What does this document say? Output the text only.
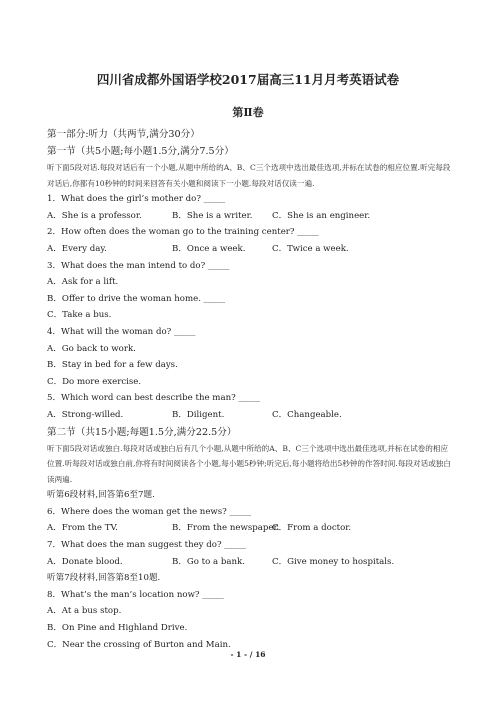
四川省成都外国语学校2017届高三11月月考英语试卷
第Ⅱ卷
第一部分:听力（共两节,满分30分）
第一节（共5小题;每小题1.5分,满分7.5分）
听下面5段对话.每段对话后有一个小题,从题中所给的A、B、C三个选项中选出最佳选项,并标在试卷的相应位置.听完每段对话后,你都有10秒钟的时间来回答有关小题和阅读下一小题.每段对话仅读一遍.
1．What does the girl’s mother do? _____
A．She is a professor.	B．She is a writer. C．She is an engineer.
2．How often does the woman go to the training center? _____
A．Every day.	B．Once a week.	C．Twice a week.
3．What does the man intend to do? _____
A．Ask for a lift.
B．Offer to drive the woman home. _____
C．Take a bus.
4．What will the woman do? _____
A．Go back to work.
B．Stay in bed for a few days.
C．Do more exercise.
5．Which word can best describe the man? _____
A．Strong-willed.	B．Diligent.	C．Changeable.
第二节（共15小题;每题1.5分,满分22.5分）
听下面5段对话或独白.每段对话或独白后有几个小题,从题中所给的A、B、C三个选项中选出最佳选项,并标在试卷的相应位置.听每段对话或独白前,你将有时间阅读各个小题,每小题5秒钟;听完后,每小题将给出5秒钟的作答时间.每段对话或独白读两遍.
听第6段材料,回答第6至7题.
6．Where does the woman get the news? _____
A．From the TV.	B．From the newspaper.
C．From a doctor.
7．What does the man suggest they do? _____
A．Donate blood.	B．Go to a bank.	C．Give money to hospitals.
听第7段材料,回答第8至10题.
8．What’s the man’s location now? _____
A．At a bus stop.
B．On Pine and Highland Drive.
C．Near the crossing of Burton and Main.
- 1 - / 16
